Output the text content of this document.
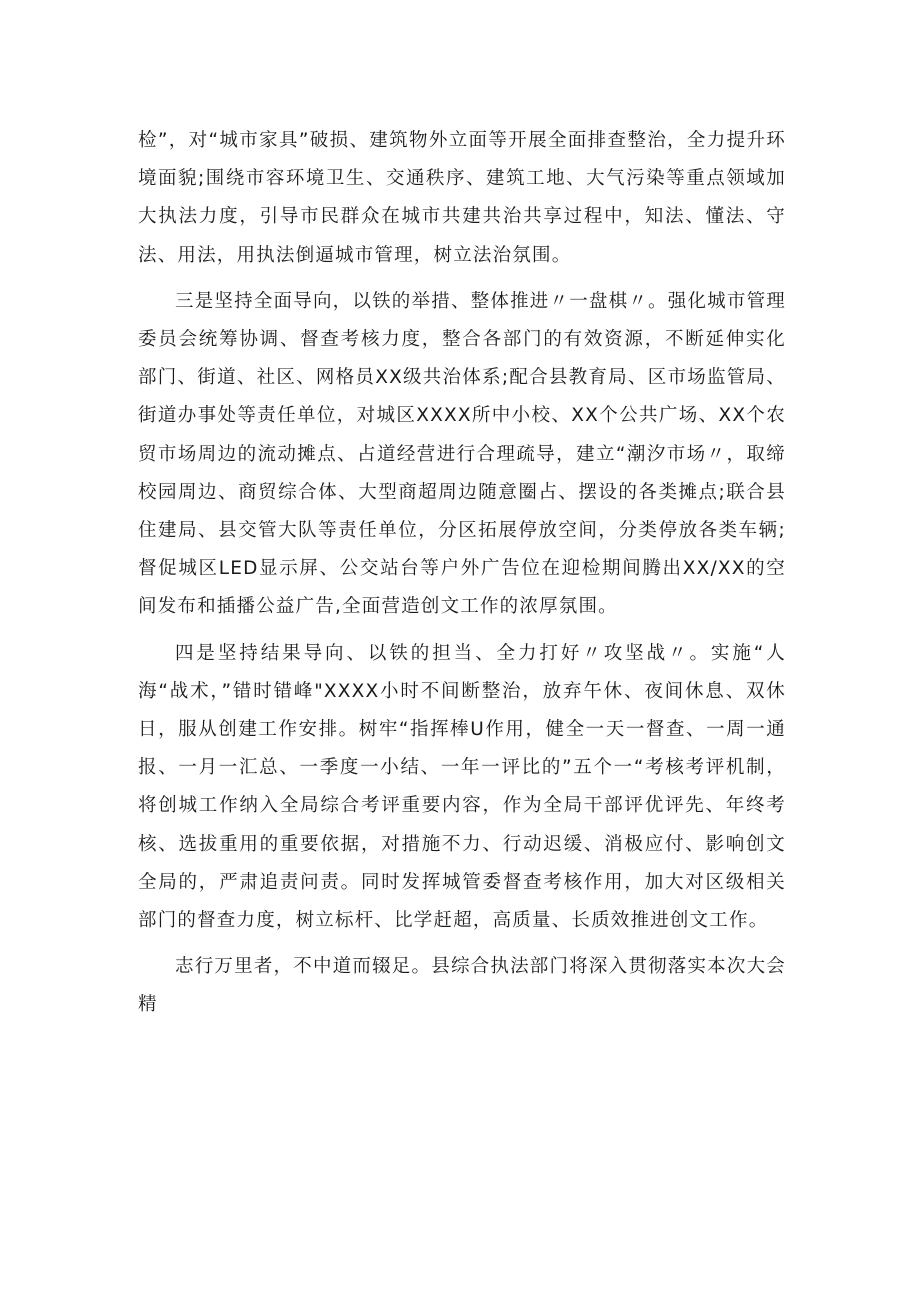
检”，对“城市家具”破损、建筑物外立面等开展全面排查整治，全力提升环境面貌;围绕市容环境卫生、交通秩序、建筑工地、大气污染等重点领域加大执法力度，引导市民群众在城市共建共治共享过程中，知法、懂法、守法、用法，用执法倒逼城市管理，树立法治氛围。

三是坚持全面导向，以铁的举措、整体推进〃一盘棋〃。强化城市管理委员会统筹协调、督查考核力度，整合各部门的有效资源，不断延伸实化部门、街道、社区、网格员XX级共治体系;配合县教育局、区市场监管局、街道办事处等责任单位，对城区XXXX所中小校、XX个公共广场、XX个农贸市场周边的流动摊点、占道经营进行合理疏导，建立“潮汐市场〃，取缔校园周边、商贸综合体、大型商超周边随意圈占、摆设的各类摊点;联合县住建局、县交管大队等责任单位，分区拓展停放空间，分类停放各类车辆;督促城区LED显示屏、公交站台等户外广告位在迎检期间腾出XX/XX的空间发布和插播公益广告,全面营造创文工作的浓厚氛围。

四是坚持结果导向、以铁的担当、全力打好〃攻坚战〃。实施“人海“战术，”错时错峰"XXXX小时不间断整治，放弃午休、夜间休息、双休日，服从创建工作安排。树牢“指挥棒U作用，健全一天一督查、一周一通报、一月一汇总、一季度一小结、一年一评比的”五个一“考核考评机制，将创城工作纳入全局综合考评重要内容，作为全局干部评优评先、年终考核、选拔重用的重要依据，对措施不力、行动迟缓、消极应付、影响创文全局的，严肃追责问责。同时发挥城管委督查考核作用，加大对区级相关部门的督查力度，树立标杆、比学赶超，高质量、长质效推进创文工作。

志行万里者，不中道而辍足。县综合执法部门将深入贯彻落实本次大会精
